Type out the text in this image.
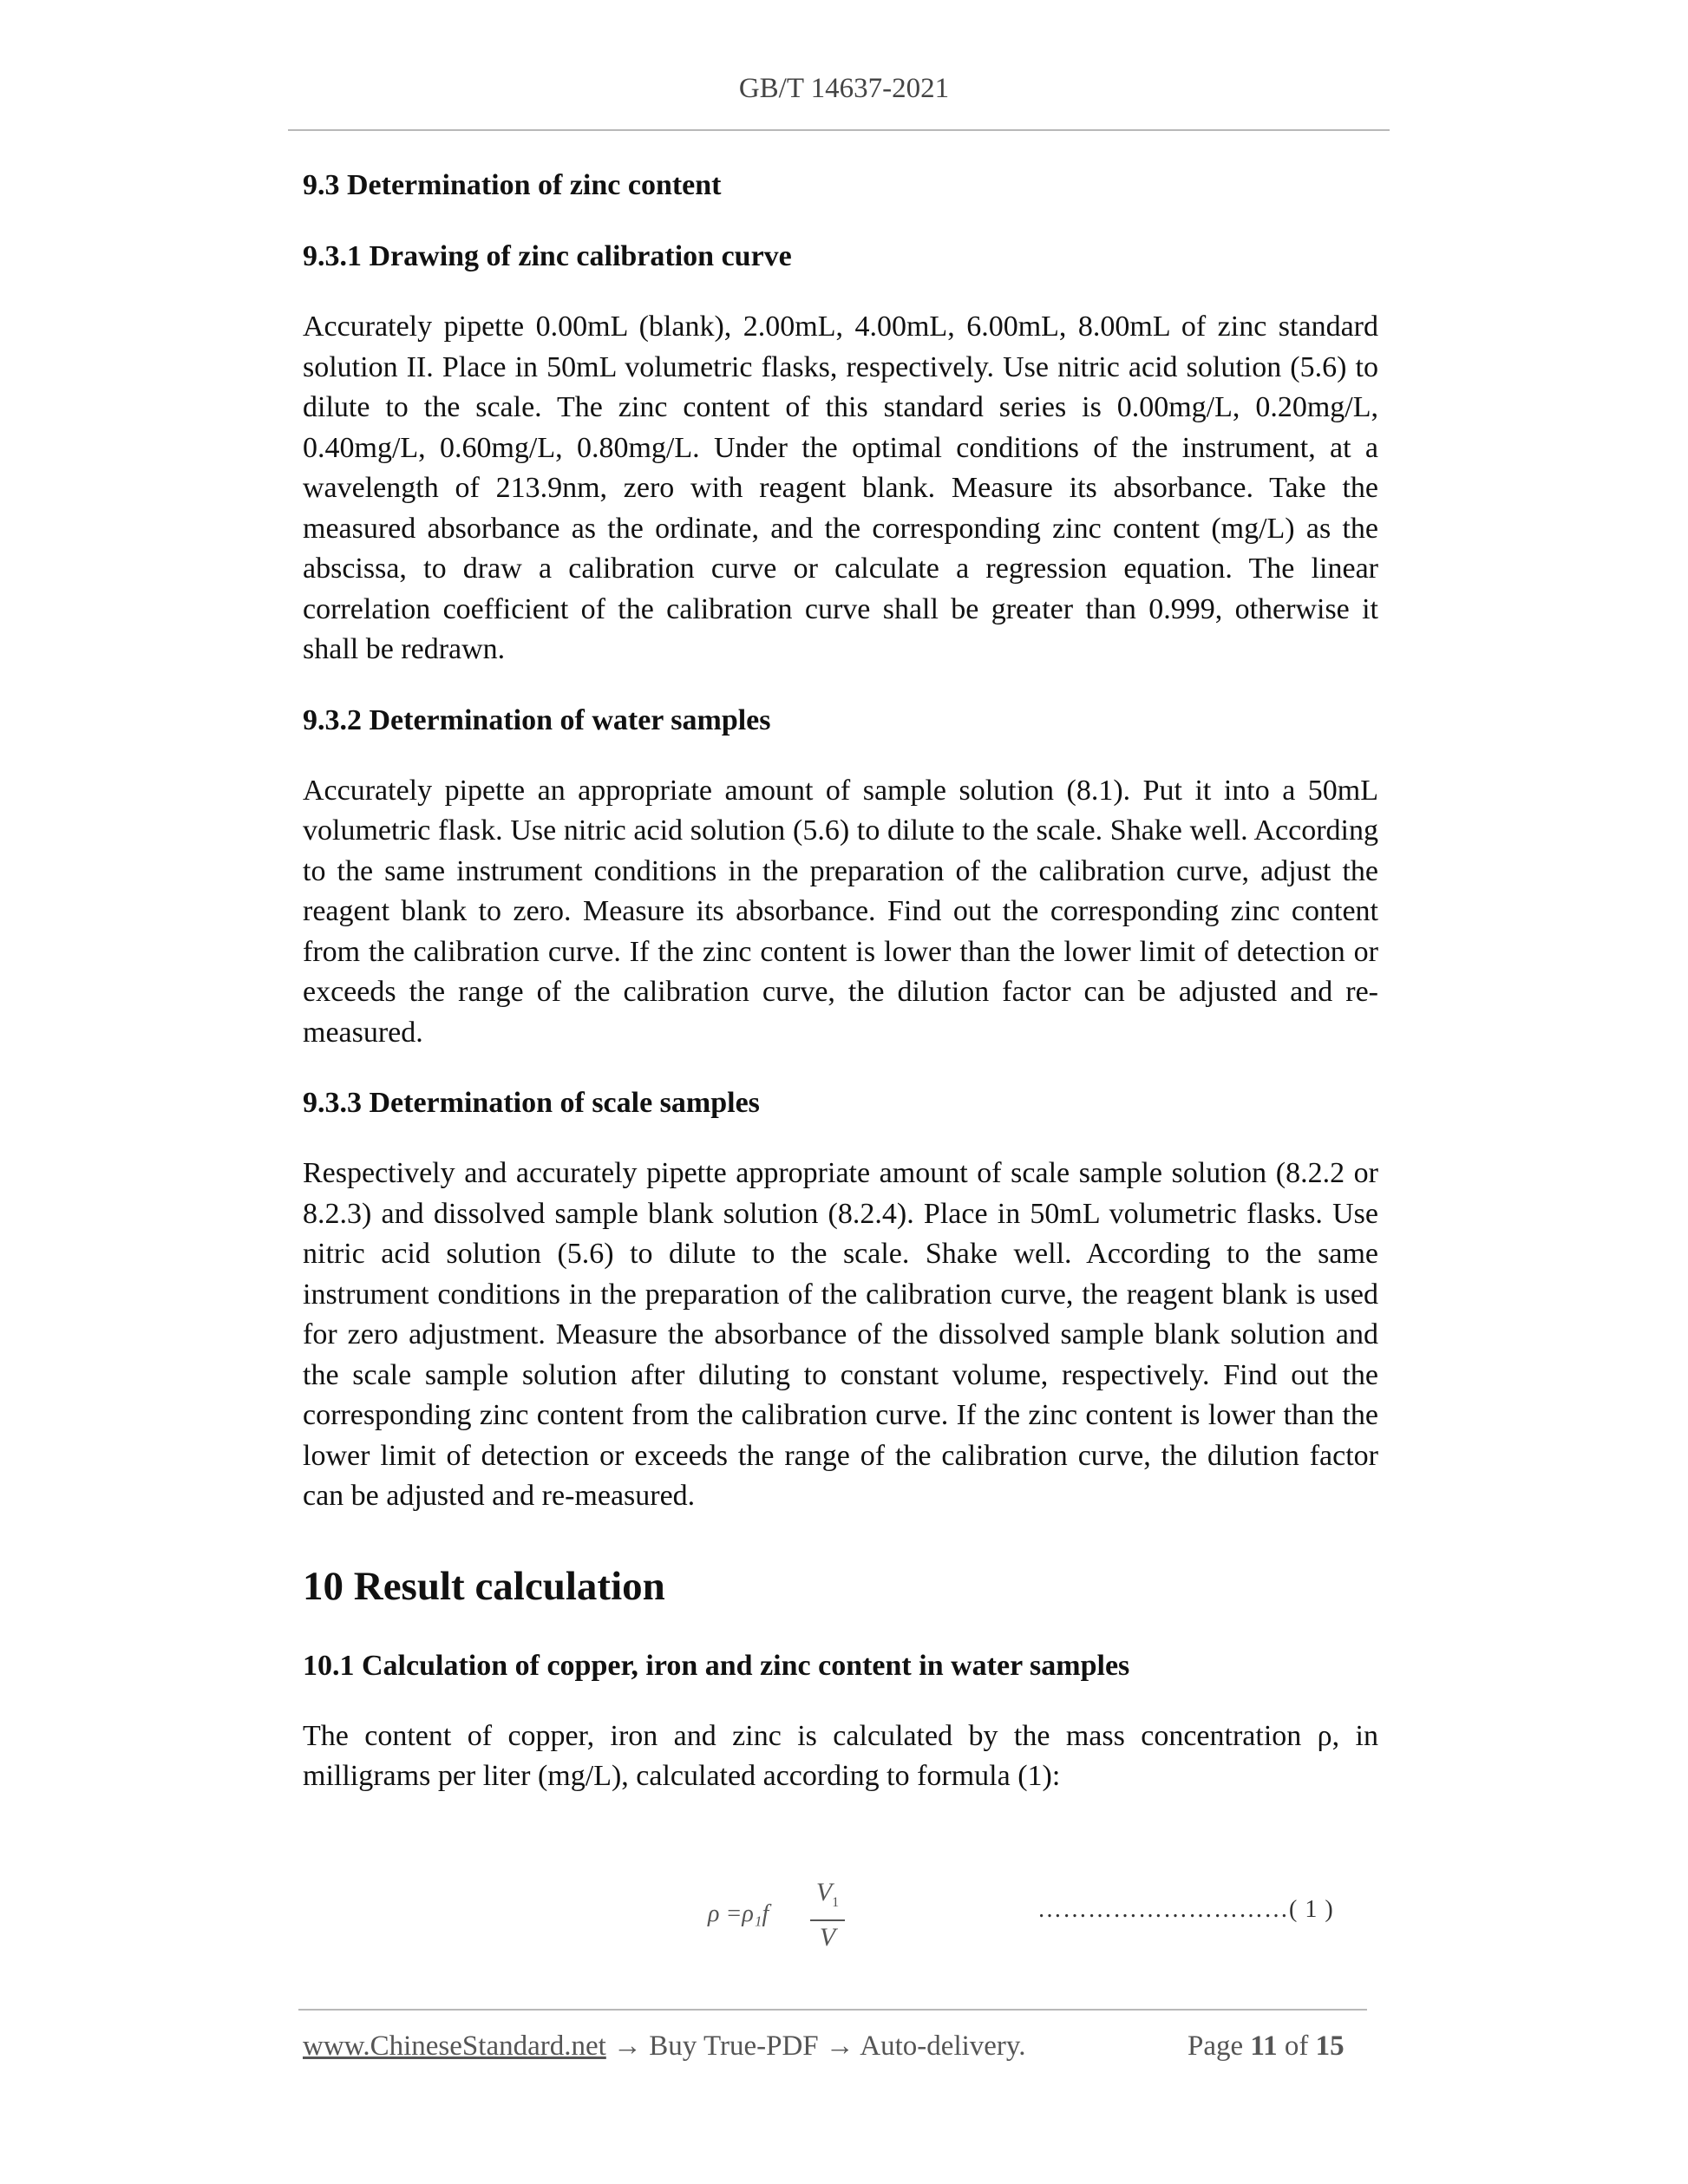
GB/T 14637-2021
9.3 Determination of zinc content
9.3.1 Drawing of zinc calibration curve

Accurately pipette 0.00mL (blank), 2.00mL, 4.00mL, 6.00mL, 8.00mL of zinc standard solution II. Place in 50mL volumetric flasks, respectively. Use nitric acid solution (5.6) to dilute to the scale. The zinc content of this standard series is 0.00mg/L, 0.20mg/L, 0.40mg/L, 0.60mg/L, 0.80mg/L. Under the optimal conditions of the instrument, at a wavelength of 213.9nm, zero with reagent blank. Measure its absorbance. Take the measured absorbance as the ordinate, and the corresponding zinc content (mg/L) as the abscissa, to draw a calibration curve or calculate a regression equation. The linear correlation coefficient of the calibration curve shall be greater than 0.999, otherwise it shall be redrawn.

9.3.2 Determination of water samples

Accurately pipette an appropriate amount of sample solution (8.1). Put it into a 50mL volumetric flask. Use nitric acid solution (5.6) to dilute to the scale. Shake well. According to the same instrument conditions in the preparation of the calibration curve, adjust the reagent blank to zero. Measure its absorbance. Find out the corresponding zinc content from the calibration curve. If the zinc content is lower than the lower limit of detection or exceeds the range of the calibration curve, the dilution factor can be adjusted and re-measured.

9.3.3 Determination of scale samples

Respectively and accurately pipette appropriate amount of scale sample solution (8.2.2 or 8.2.3) and dissolved sample blank solution (8.2.4). Place in 50mL volumetric flasks. Use nitric acid solution (5.6) to dilute to the scale. Shake well. According to the same instrument conditions in the preparation of the calibration curve, the reagent blank is used for zero adjustment. Measure the absorbance of the dissolved sample blank solution and the scale sample solution after diluting to constant volume, respectively. Find out the corresponding zinc content from the calibration curve. If the zinc content is lower than the lower limit of detection or exceeds the range of the calibration curve, the dilution factor can be adjusted and re-measured.

10 Result calculation
10.1 Calculation of copper, iron and zinc content in water samples

The content of copper, iron and zinc is calculated by the mass concentration ρ, in milligrams per liter (mg/L), calculated according to formula (1):

ρ =ρ₁f
$V_1$
V
…………………………( 1 )
www.ChineseStandard.net → Buy True-PDF → Auto-delivery.	Page 11 of 15
